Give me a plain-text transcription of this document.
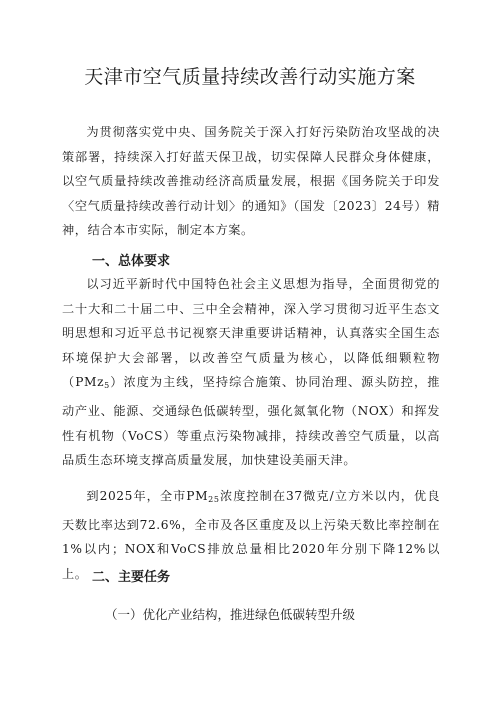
天津市空气质量持续改善行动实施方案

为贯彻落实党中央、国务院关于深入打好污染防治攻坚战的决策部署，持续深入打好蓝天保卫战，切实保障人民群众身体健康，以空气质量持续改善推动经济高质量发展，根据《国务院关于印发〈空气质量持续改善行动计划〉的通知》（国发〔2023〕24号）精神，结合本市实际，制定本方案。

一、总体要求

以习近平新时代中国特色社会主义思想为指导，全面贯彻党的二十大和二十届二中、三中全会精神，深入学习贯彻习近平生态文明思想和习近平总书记视察天津重要讲话精神，认真落实全国生态环境保护大会部署，以改善空气质量为核心，以降低细颗粒物（PMz$_5$）浓度为主线，坚持综合施策、协同治理、源头防控，推动产业、能源、交通绿色低碳转型，强化氮氧化物（NOX）和挥发性有机物（VoCS）等重点污染物减排，持续改善空气质量，以高品质生态环境支撑高质量发展，加快建设美丽天津。

到2025年，全市$PM_{25}$浓度控制在37微克/立方米以内，优良天数比率达到72.6%，全市及各区重度及以上污染天数比率控制在1%以内；NOX和VoCS排放总量相比2020年分别下降12%以上。 二、主要任务

（一）优化产业结构，推进绿色低碳转型升级
